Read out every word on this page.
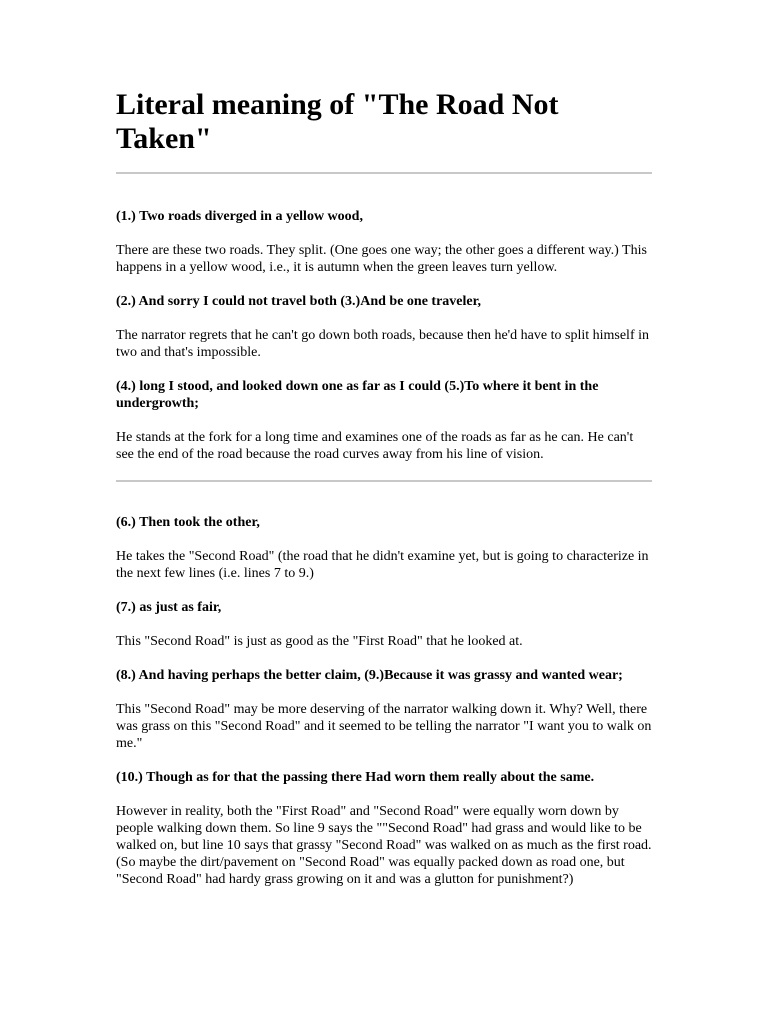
Literal meaning of "The Road Not Taken"

(1.) Two roads diverged in a yellow wood,

There are these two roads. They split. (One goes one way; the other goes a different way.) This happens in a yellow wood, i.e., it is autumn when the green leaves turn yellow.

(2.) And sorry I could not travel both (3.)And be one traveler,

The narrator regrets that he can't go down both roads, because then he'd have to split himself in two and that's impossible.

(4.) long I stood, and looked down one as far as I could (5.)To where it bent in the undergrowth;

He stands at the fork for a long time and examines one of the roads as far as he can. He can't see the end of the road because the road curves away from his line of vision.

(6.) Then took the other,

He takes the "Second Road" (the road that he didn't examine yet, but is going to characterize in the next few lines (i.e. lines 7 to 9.)

(7.) as just as fair,

This "Second Road" is just as good as the "First Road" that he looked at.

(8.) And having perhaps the better claim, (9.)Because it was grassy and wanted wear;

This "Second Road" may be more deserving of the narrator walking down it. Why? Well, there was grass on this "Second Road" and it seemed to be telling the narrator "I want you to walk on me."

(10.) Though as for that the passing there Had worn them really about the same.

However in reality, both the "First Road" and "Second Road" were equally worn down by people walking down them. So line 9 says the ""Second Road" had grass and would like to be walked on, but line 10 says that grassy "Second Road" was walked on as much as the first road. (So maybe the dirt/pavement on "Second Road" was equally packed down as road one, but "Second Road" had hardy grass growing on it and was a glutton for punishment?)
